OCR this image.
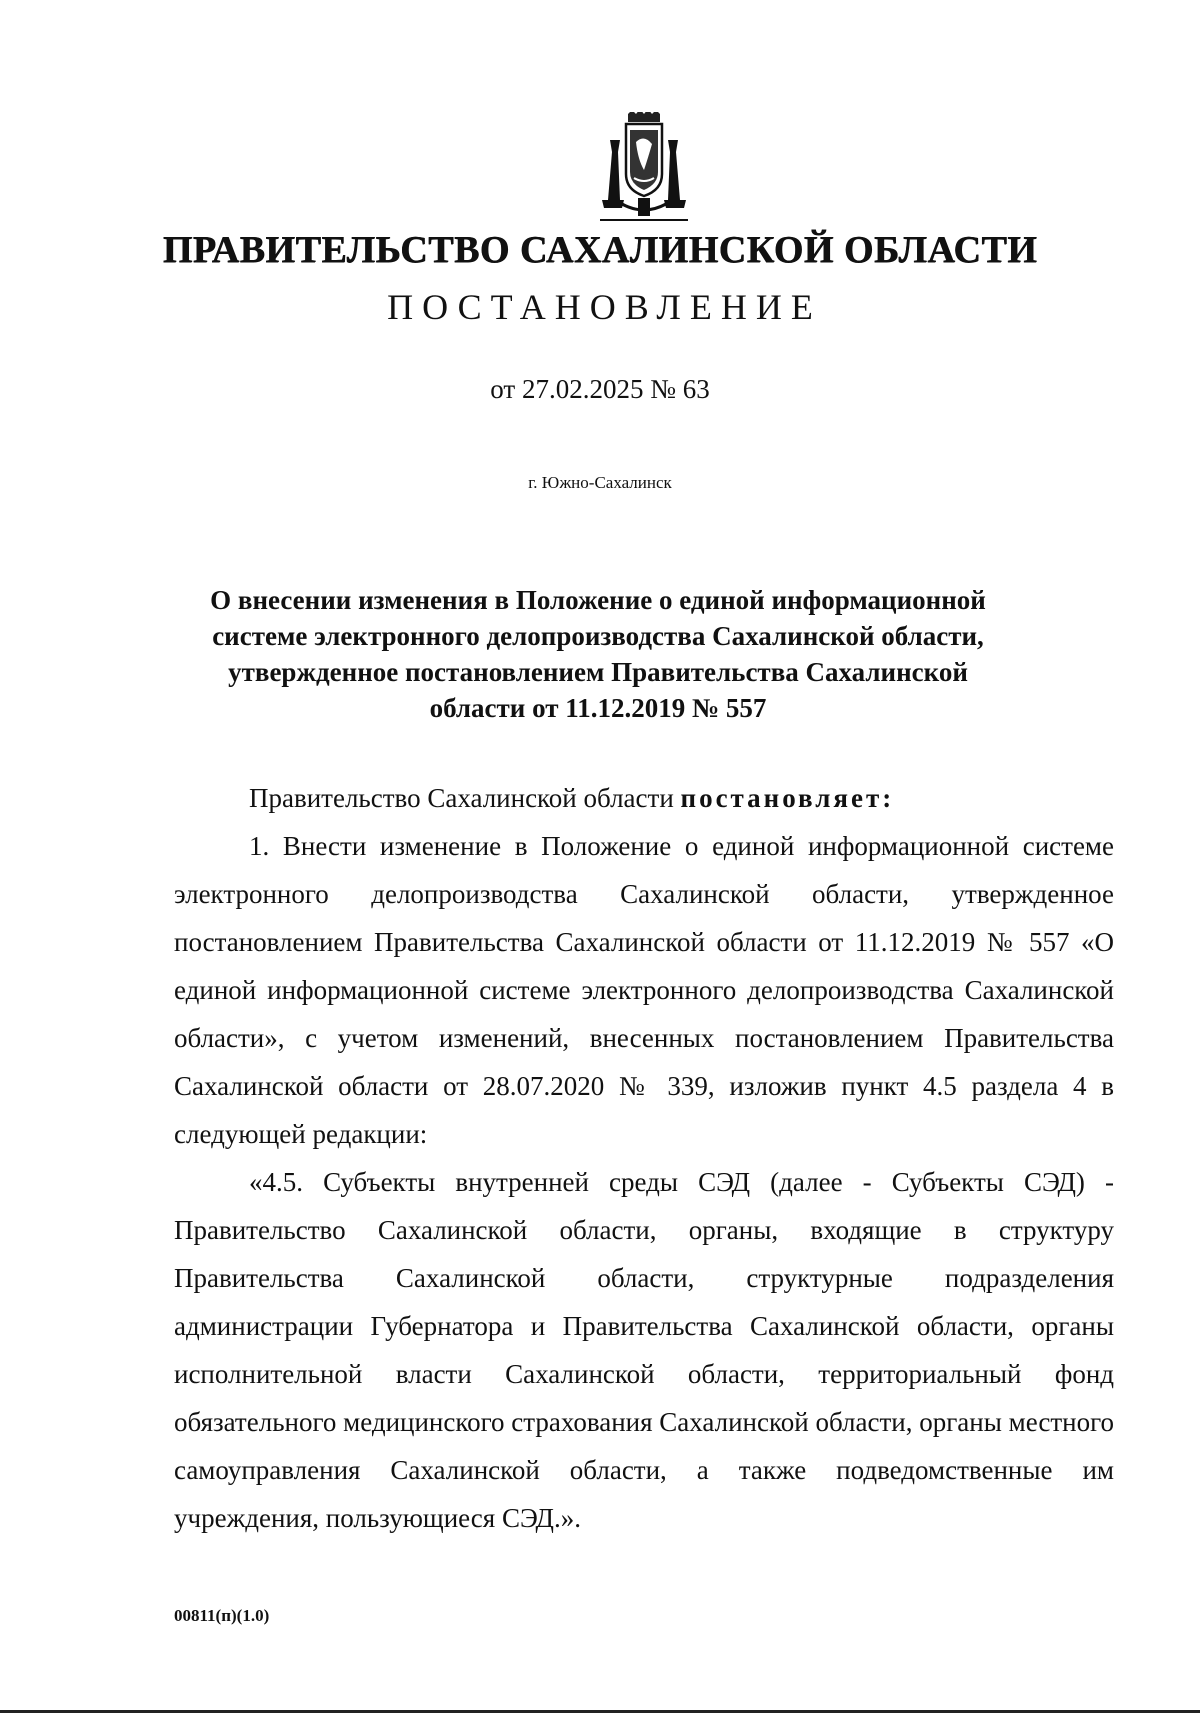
ПРАВИТЕЛЬСТВО САХАЛИНСКОЙ ОБЛАСТИ
ПОСТАНОВЛЕНИЕ
от 27.02.2025 № 63
г. Южно-Сахалинск
О внесении изменения в Положение о единой информационной
системе электронного делопроизводства Сахалинской области,
утвержденное постановлением Правительства Сахалинской
области от 11.12.2019 № 557
Правительство Сахалинской области постановляет:
1. Внести изменение в Положение о единой информационной системе электронного делопроизводства Сахалинской области, утвержденное постановлением Правительства Сахалинской области от 11.12.2019 № 557 «О единой информационной системе электронного делопроизводства Сахалинской области», с учетом изменений, внесенных постановлением Правительства Сахалинской области от 28.07.2020 № 339, изложив пункт 4.5 раздела 4 в следующей редакции:
«4.5. Субъекты внутренней среды СЭД (далее - Субъекты СЭД) - Правительство Сахалинской области, органы, входящие в структуру Правительства Сахалинской области, структурные подразделения администрации Губернатора и Правительства Сахалинской области, органы исполнительной власти Сахалинской области, территориальный фонд обязательного медицинского страхования Сахалинской области, органы местного самоуправления Сахалинской области, а также подведомственные им учреждения, пользующиеся СЭД.».
00811(п)(1.0)
